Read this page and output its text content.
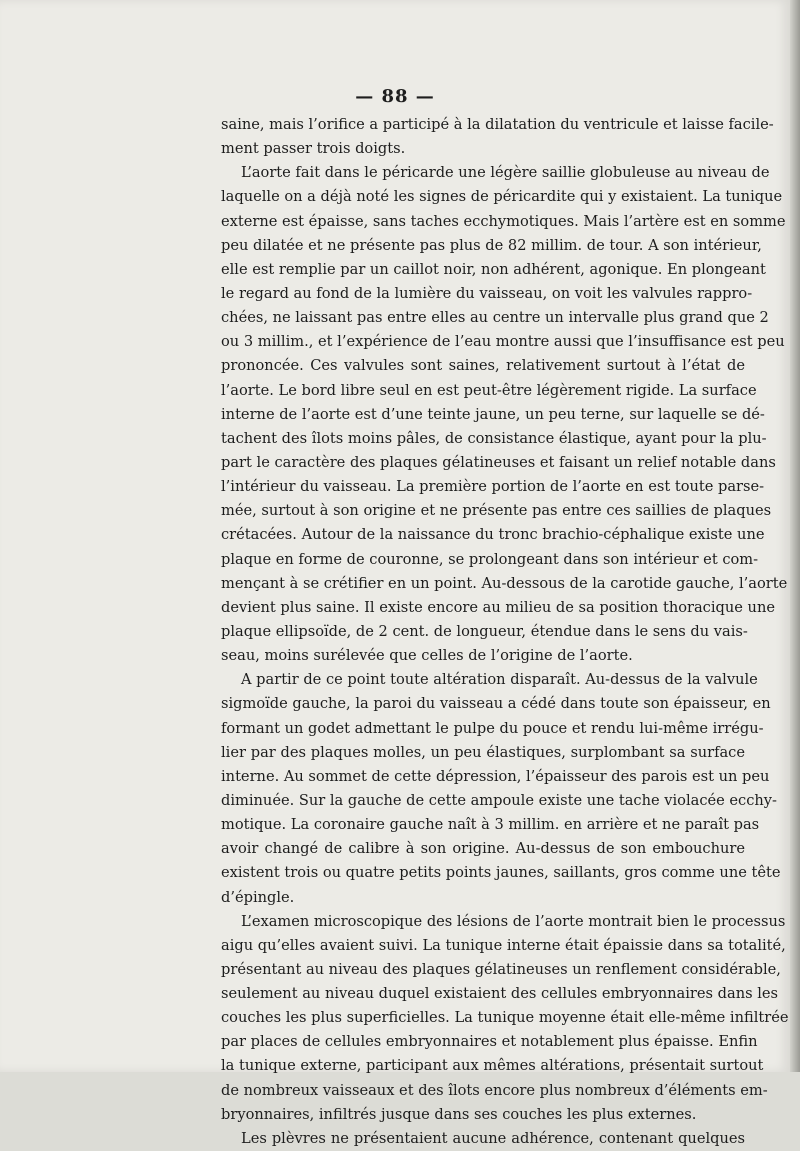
— 88 —
saine, mais l’orifice a participé à la dilatation du ventricule et laisse facile-
ment passer trois doigts.
L’aorte fait dans le péricarde une légère saillie globuleuse au niveau de
laquelle on a déjà noté les signes de péricardite qui y existaient. La tunique
externe est épaisse, sans taches ecchymotiques. Mais l’artère est en somme
peu dilatée et ne présente pas plus de 82 millim. de tour. A son intérieur,
elle est remplie par un caillot noir, non adhérent, agonique. En plongeant
le regard au fond de la lumière du vaisseau, on voit les valvules rappro-
chées, ne laissant pas entre elles au centre un intervalle plus grand que 2
ou 3 millim., et l’expérience de l’eau montre aussi que l’insuffisance est peu
prononcée. Ces valvules sont saines, relativement surtout à l’état de
l’aorte. Le bord libre seul en est peut-être légèrement rigide. La surface
interne de l’aorte est d’une teinte jaune, un peu terne, sur laquelle se dé-
tachent des îlots moins pâles, de consistance élastique, ayant pour la plu-
part le caractère des plaques gélatineuses et faisant un relief notable dans
l’intérieur du vaisseau. La première portion de l’aorte en est toute parse-
mée, surtout à son origine et ne présente pas entre ces saillies de plaques
crétacées. Autour de la naissance du tronc brachio-céphalique existe une
plaque en forme de couronne, se prolongeant dans son intérieur et com-
mençant à se crétifier en un point. Au-dessous de la carotide gauche, l’aorte
devient plus saine. Il existe encore au milieu de sa position thoracique une
plaque ellipsoïde, de 2 cent. de longueur, étendue dans le sens du vais-
seau, moins surélevée que celles de l’origine de l’aorte.
A partir de ce point toute altération disparaît. Au-dessus de la valvule
sigmoïde gauche, la paroi du vaisseau a cédé dans toute son épaisseur, en
formant un godet admettant le pulpe du pouce et rendu lui-même irrégu-
lier par des plaques molles, un peu élastiques, surplombant sa surface
interne. Au sommet de cette dépression, l’épaisseur des parois est un peu
diminuée. Sur la gauche de cette ampoule existe une tache violacée ecchy-
motique. La coronaire gauche naît à 3 millim. en arrière et ne paraît pas
avoir changé de calibre à son origine. Au-dessus de son embouchure
existent trois ou quatre petits points jaunes, saillants, gros comme une tête
d’épingle.
L’examen microscopique des lésions de l’aorte montrait bien le processus
aigu qu’elles avaient suivi. La tunique interne était épaissie dans sa totalité,
présentant au niveau des plaques gélatineuses un renflement considérable,
seulement au niveau duquel existaient des cellules embryonnaires dans les
couches les plus superficielles. La tunique moyenne était elle-même infiltrée
par places de cellules embryonnaires et notablement plus épaisse. Enfin
la tunique externe, participant aux mêmes altérations, présentait surtout
de nombreux vaisseaux et des îlots encore plus nombreux d’éléments em-
bryonnaires, infiltrés jusque dans ses couches les plus externes.
Les plèvres ne présentaient aucune adhérence, contenant quelques
